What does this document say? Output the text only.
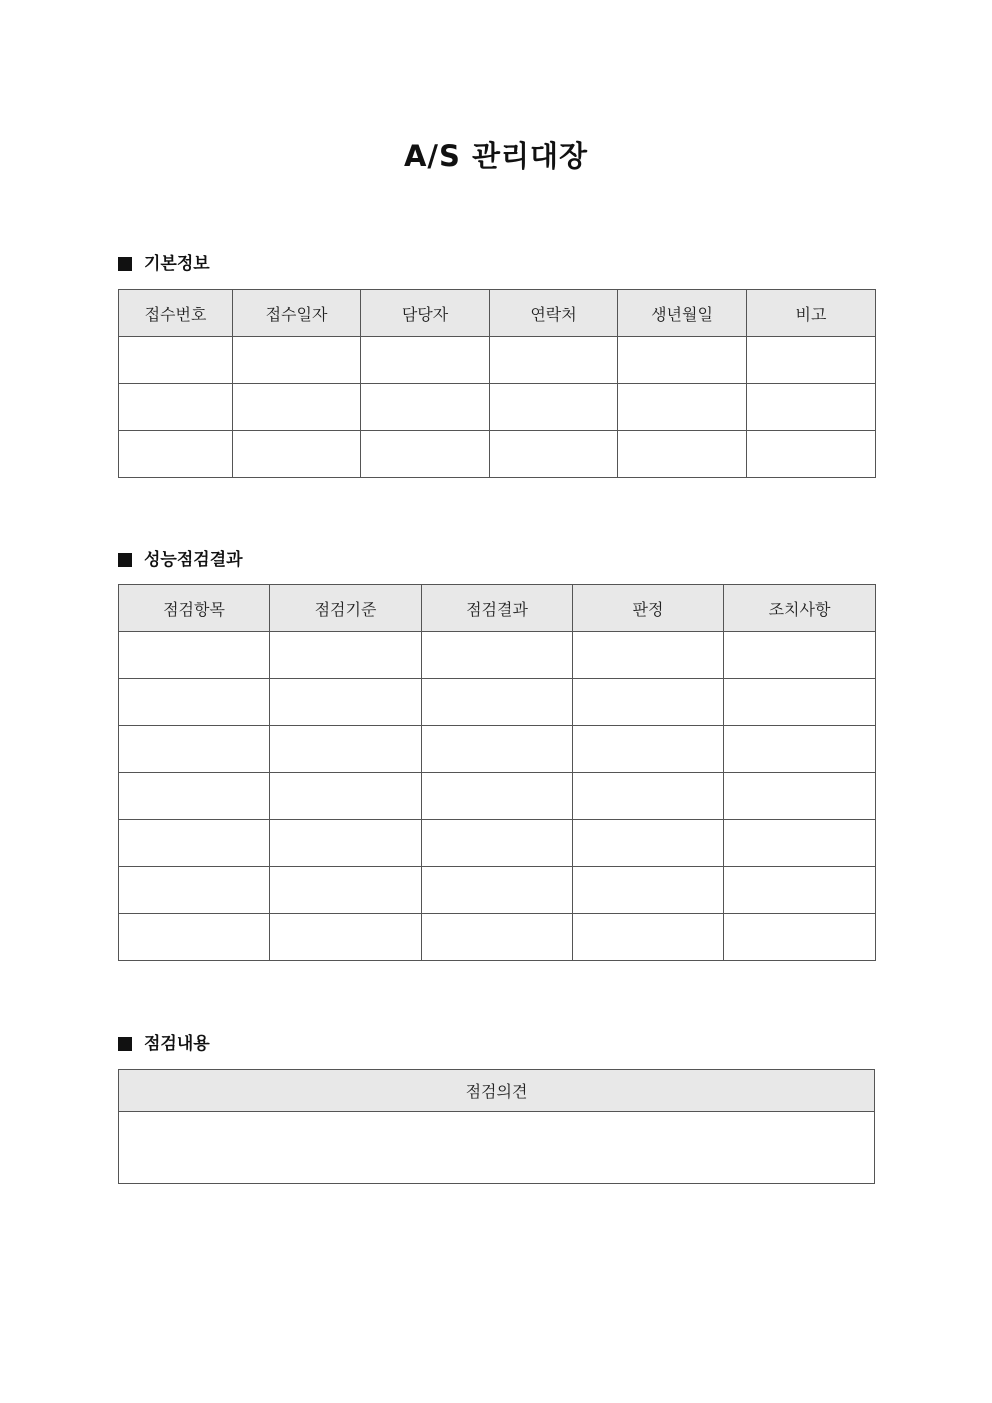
A/S 관리대장
기본정보
접수번호	접수일자	담당자	연락처	생년월일	비고

성능점검결과
점검항목	점검기준	점검결과	판정	조치사항

점검내용
점검의견
